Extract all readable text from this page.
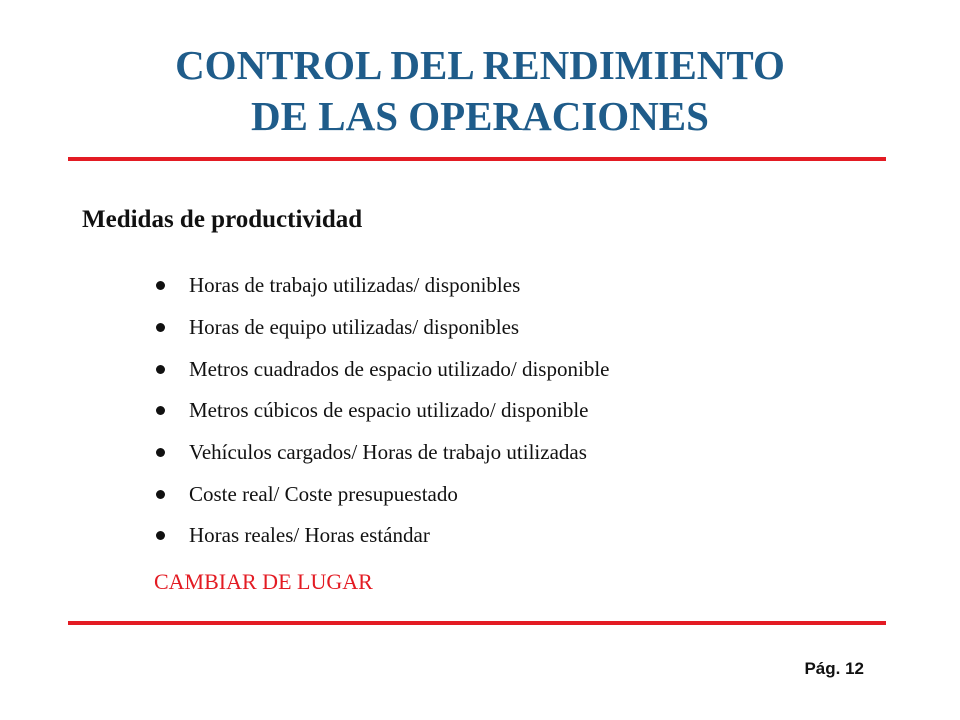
CONTROL DEL RENDIMIENTO
DE LAS OPERACIONES
Medidas de productividad
Horas de trabajo utilizadas/ disponibles
Horas de equipo utilizadas/ disponibles
Metros cuadrados de espacio utilizado/ disponible
Metros cúbicos de espacio utilizado/ disponible
Vehículos cargados/ Horas de trabajo utilizadas
Coste real/ Coste presupuestado
Horas reales/ Horas estándar
CAMBIAR DE LUGAR
Pág. 12
